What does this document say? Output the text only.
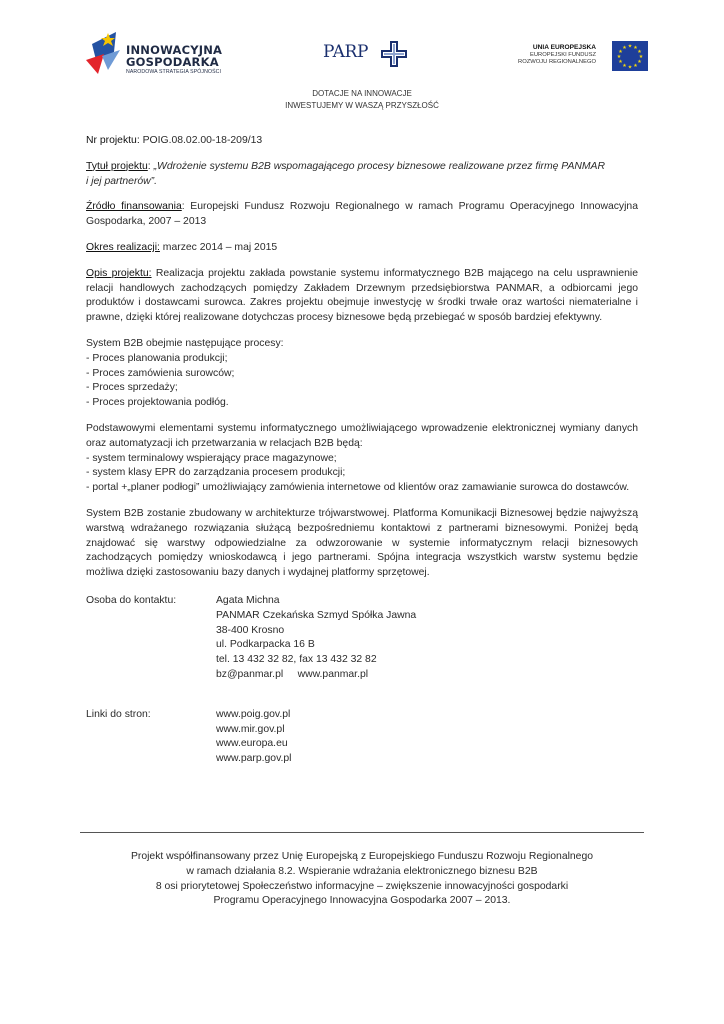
INNOWACYJNA
GOSPODARKA
NARODOWA STRATEGIA SPÓJNOŚCI
PARP	UNIA EUROPEJSKA
EUROPEJSKI FUNDUSZ
ROZWOJU REGIONALNEGO
★ ★
★
★
★
★
★
★
★
★
★
★
DOTACJE NA INNOWACJE
INWESTUJEMY W WASZĄ PRZYSZŁOŚĆ

Nr projektu: POIG.08.02.00-18-209/13

Tytuł projektu: „Wdrożenie systemu B2B wspomagającego procesy biznesowe realizowane przez firmę PANMAR
i jej partnerów”.

Źródło finansowania: Europejski Fundusz Rozwoju Regionalnego w ramach Programu Operacyjnego Innowacyjna Gospodarka, 2007 – 2013

Okres realizacji: marzec 2014 – maj 2015

Opis projektu: Realizacja projektu zakłada powstanie systemu informatycznego B2B mającego na celu usprawnienie relacji handlowych zachodzących pomiędzy Zakładem Drzewnym przedsiębiorstwa PANMAR, a odbiorcami jego produktów i dostawcami surowca. Zakres projektu obejmuje inwestycję w środki trwałe oraz wartości niematerialne i prawne, dzięki której realizowane dotychczas procesy biznesowe będą przebiegać w sposób bardziej efektywny.

System B2B obejmie następujące procesy:
- Proces planowania produkcji;
- Proces zamówienia surowców;
- Proces sprzedaży;
- Proces projektowania podłóg.

Podstawowymi elementami systemu informatycznego umożliwiającego wprowadzenie elektronicznej wymiany danych oraz automatyzacji ich przetwarzania w relacjach B2B będą:
- system terminalowy wspierający prace magazynowe;
- system klasy EPR do zarządzania procesem produkcji;
- portal +„planer podłogi” umożliwiający zamówienia internetowe od klientów oraz zamawianie surowca do dostawców.

System B2B zostanie zbudowany w architekturze trójwarstwowej. Platforma Komunikacji Biznesowej będzie najwyższą warstwą wdrażanego rozwiązania służącą bezpośredniemu kontaktowi z partnerami biznesowymi. Poniżej będą znajdować się warstwy odpowiedzialne za odwzorowanie w systemie informatycznym relacji biznesowych zachodzących pomiędzy wnioskodawcą i jego partnerami. Spójna integracja wszystkich warstw systemu będzie możliwa dzięki zastosowaniu bazy danych i wydajnej platformy sprzętowej.

Osoba do kontaktu:	Agata Michna
PANMAR Czekańska Szmyd Spółka Jawna
38-400 Krosno
ul. Podkarpacka 16 B
tel. 13 432 32 82, fax 13 432 32 82
bz@panmar.pl     www.panmar.pl
Linki do stron:	www.poig.gov.pl
www.mir.gov.pl
www.europa.eu
www.parp.gov.pl
Projekt współfinansowany przez Unię Europejską z Europejskiego Funduszu Rozwoju Regionalnego
w ramach działania 8.2. Wspieranie wdrażania elektronicznego biznesu B2B
8 osi priorytetowej Społeczeństwo informacyjne – zwiększenie innowacyjności gospodarki
Programu Operacyjnego Innowacyjna Gospodarka 2007 – 2013.
